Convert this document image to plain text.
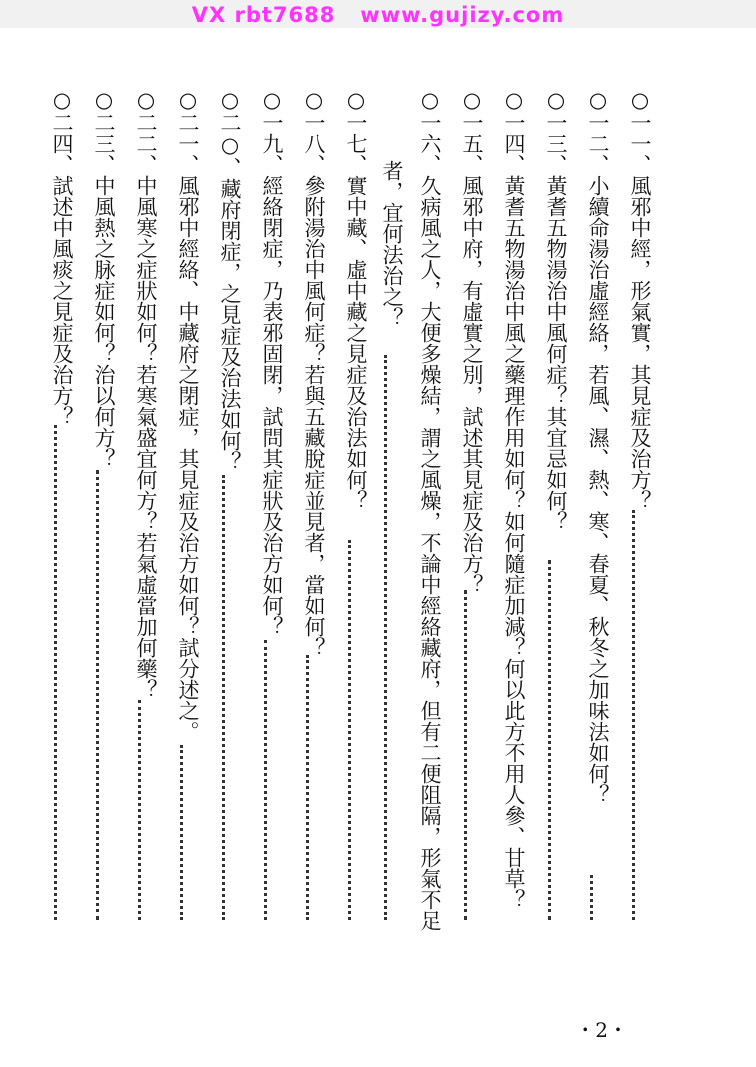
VX rbt7688   www.gujizy.com
○一一、風邪中經，形氣實，其見症及治方？
○一二、小續命湯治虛經絡，若風、濕、熱、寒、春夏、秋冬之加味法如何？
○一三、黃耆五物湯治中風何症？其宜忌如何？
○一四、黃耆五物湯治中風之藥理作用如何？如何隨症加減？何以此方不用人參、甘草？
○一五、風邪中府，有虛實之別，試述其見症及治方？
○一六、久病風之人，大便多燥結，謂之風燥，不論中經絡藏府，但有二便阻隔，形氣不足
者，宜何法治之？
○一七、實中藏、虛中藏之見症及治法如何？
○一八、參附湯治中風何症？若與五藏脫症並見者，當如何？
○一九、經絡閉症，乃表邪固閉，試問其症狀及治方如何？
○二○、藏府閉症，之見症及治法如何？
○二一、風邪中經絡、中藏府之閉症，其見症及治方如何？試分述之。
○二二、中風寒之症狀如何？若寒氣盛宜何方？若氣虛當加何藥？
○二三、中風熱之脉症如何？治以何方？
○二四、試述中風痰之見症及治方？
・2・
